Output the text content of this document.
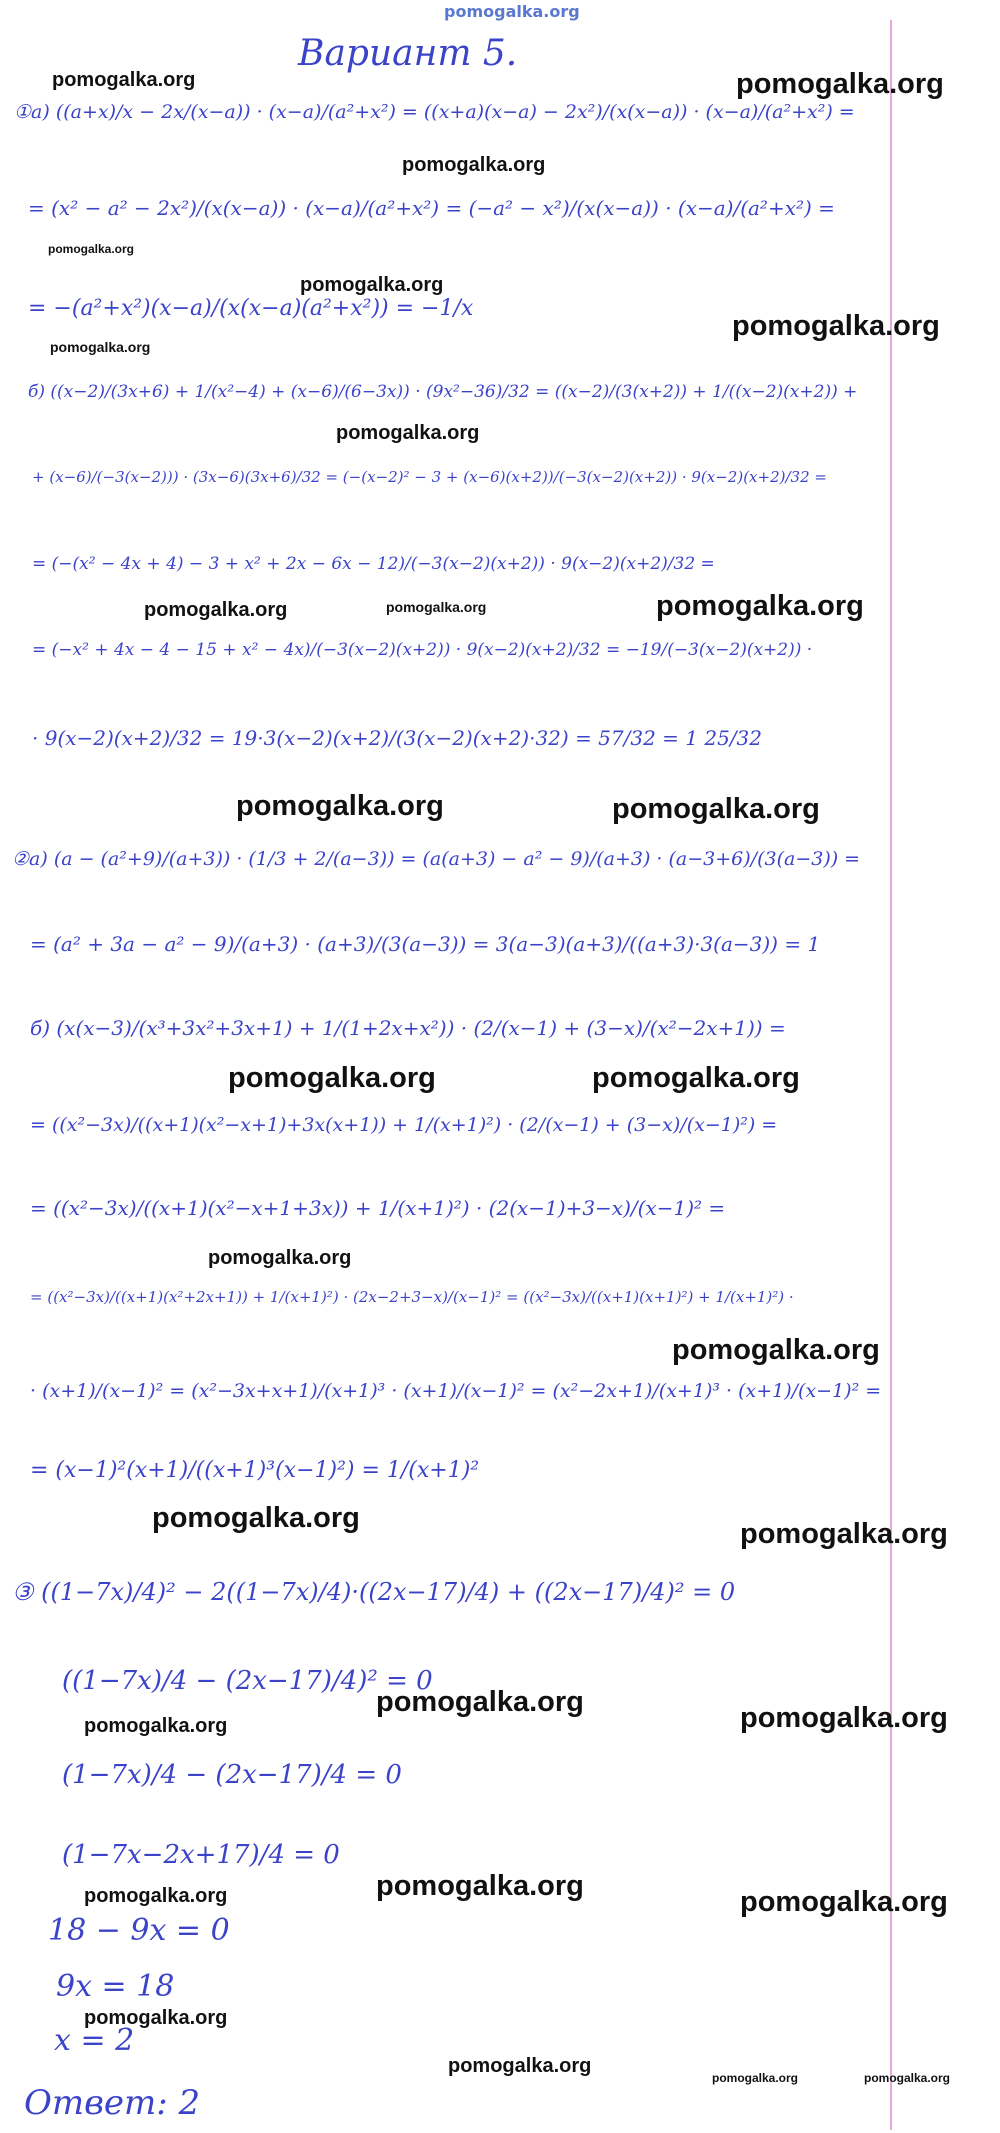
pomogalka.org
Вариант 5.
①а) ((a+x)/x − 2x/(x−a)) · (x−a)/(a²+x²) = ((x+a)(x−a) − 2x²)/(x(x−a)) · (x−a)/(a²+x²) =
= (x² − a² − 2x²)/(x(x−a)) · (x−a)/(a²+x²) = (−a² − x²)/(x(x−a)) · (x−a)/(a²+x²) =
= −(a²+x²)(x−a)/(x(x−a)(a²+x²)) = −1/x
б) ((x−2)/(3x+6) + 1/(x²−4) + (x−6)/(6−3x)) · (9x²−36)/32 = ((x−2)/(3(x+2)) + 1/((x−2)(x+2)) +
+ (x−6)/(−3(x−2))) · (3x−6)(3x+6)/32 = (−(x−2)² − 3 + (x−6)(x+2))/(−3(x−2)(x+2)) · 9(x−2)(x+2)/32 =
= (−(x² − 4x + 4) − 3 + x² + 2x − 6x − 12)/(−3(x−2)(x+2)) · 9(x−2)(x+2)/32 =
= (−x² + 4x − 4 − 15 + x² − 4x)/(−3(x−2)(x+2)) · 9(x−2)(x+2)/32 = −19/(−3(x−2)(x+2)) ·
· 9(x−2)(x+2)/32 = 19·3(x−2)(x+2)/(3(x−2)(x+2)·32) = 57/32 = 1 25/32
②а) (a − (a²+9)/(a+3)) · (1/3 + 2/(a−3)) = (a(a+3) − a² − 9)/(a+3) · (a−3+6)/(3(a−3)) =
= (a² + 3a − a² − 9)/(a+3) · (a+3)/(3(a−3)) = 3(a−3)(a+3)/((a+3)·3(a−3)) = 1
б) (x(x−3)/(x³+3x²+3x+1) + 1/(1+2x+x²)) · (2/(x−1) + (3−x)/(x²−2x+1)) =
= ((x²−3x)/((x+1)(x²−x+1)+3x(x+1)) + 1/(x+1)²) · (2/(x−1) + (3−x)/(x−1)²) =
= ((x²−3x)/((x+1)(x²−x+1+3x)) + 1/(x+1)²) · (2(x−1)+3−x)/(x−1)² =
= ((x²−3x)/((x+1)(x²+2x+1)) + 1/(x+1)²) · (2x−2+3−x)/(x−1)² = ((x²−3x)/((x+1)(x+1)²) + 1/(x+1)²) ·
· (x+1)/(x−1)² = (x²−3x+x+1)/(x+1)³ · (x+1)/(x−1)² = (x²−2x+1)/(x+1)³ · (x+1)/(x−1)² =
= (x−1)²(x+1)/((x+1)³(x−1)²) = 1/(x+1)²
③ ((1−7x)/4)² − 2((1−7x)/4)·((2x−17)/4) + ((2x−17)/4)² = 0
((1−7x)/4 − (2x−17)/4)² = 0
(1−7x)/4 − (2x−17)/4 = 0
(1−7x−2x+17)/4 = 0
18 − 9x = 0
9x = 18
x = 2
Ответ: 2
pomogalka.org	pomogalka.org
pomogalka.org
pomogalka.org
pomogalka.org
pomogalka.org
pomogalka.org
pomogalka.org
pomogalka.org
pomogalka.org	pomogalka.org
pomogalka.org	pomogalka.org
pomogalka.org	pomogalka.org
pomogalka.org
pomogalka.org
pomogalka.org	pomogalka.org
pomogalka.org	pomogalka.org
pomogalka.org
pomogalka.org	pomogalka.org	pomogalka.org
pomogalka.org
pomogalka.org
pomogalka.org	pomogalka.org
